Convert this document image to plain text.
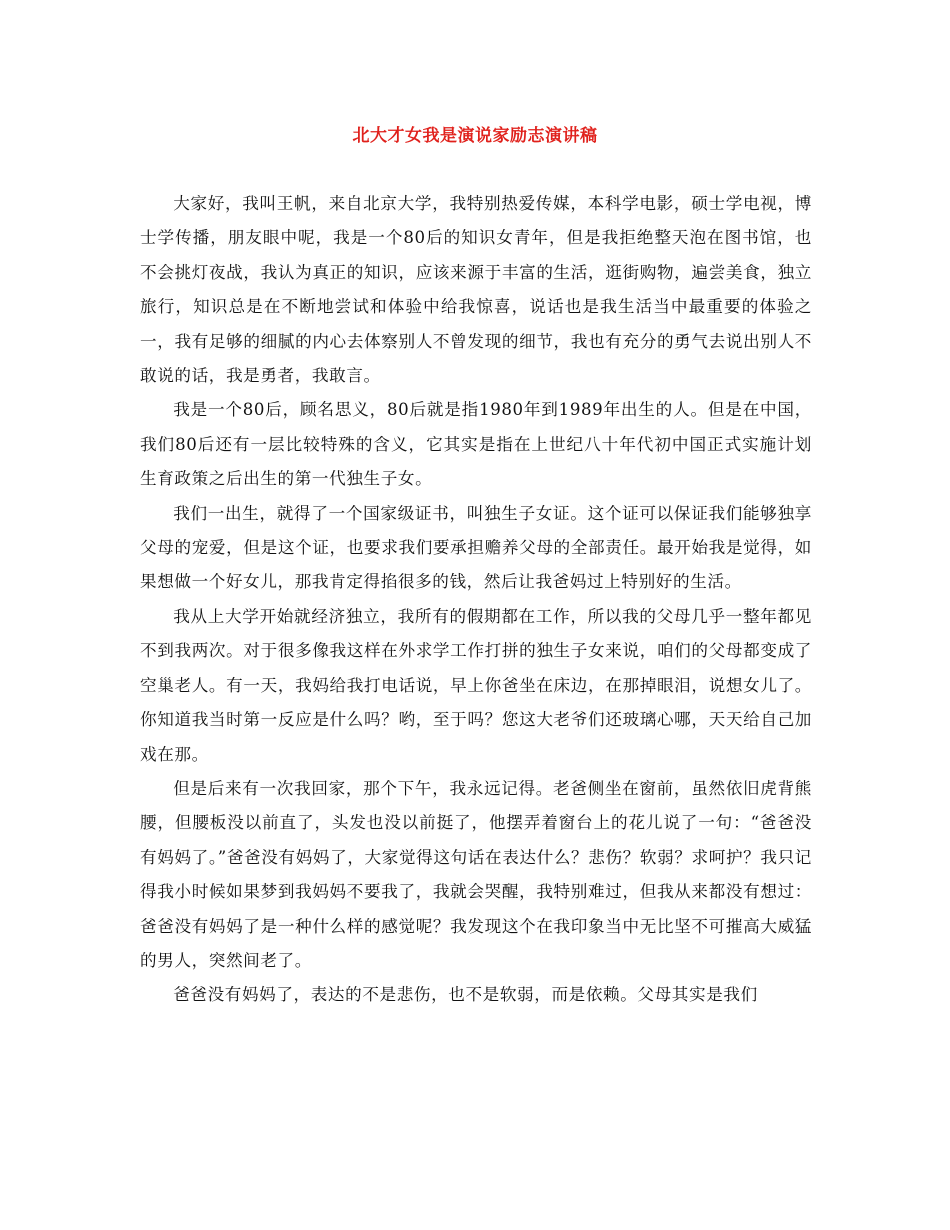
北大才女我是演说家励志演讲稿

大家好，我叫王帆，来自北京大学，我特别热爱传媒，本科学电影，硕士学电视，博士学传播，朋友眼中呢，我是一个80后的知识女青年，但是我拒绝整天泡在图书馆，也不会挑灯夜战，我认为真正的知识，应该来源于丰富的生活，逛街购物，遍尝美食，独立旅行，知识总是在不断地尝试和体验中给我惊喜，说话也是我生活当中最重要的体验之一，我有足够的细腻的内心去体察别人不曾发现的细节，我也有充分的勇气去说出别人不敢说的话，我是勇者，我敢言。

我是一个80后，顾名思义，80后就是指1980年到1989年出生的人。但是在中国，我们80后还有一层比较特殊的含义，它其实是指在上世纪八十年代初中国正式实施计划生育政策之后出生的第一代独生子女。

我们一出生，就得了一个国家级证书，叫独生子女证。这个证可以保证我们能够独享父母的宠爱，但是这个证，也要求我们要承担赡养父母的全部责任。最开始我是觉得，如果想做一个好女儿，那我肯定得掐很多的钱，然后让我爸妈过上特别好的生活。

我从上大学开始就经济独立，我所有的假期都在工作，所以我的父母几乎一整年都见不到我两次。对于很多像我这样在外求学工作打拼的独生子女来说，咱们的父母都变成了空巢老人。有一天，我妈给我打电话说，早上你爸坐在床边，在那掉眼泪，说想女儿了。你知道我当时第一反应是什么吗？哟，至于吗？您这大老爷们还玻璃心哪，天天给自己加戏在那。

但是后来有一次我回家，那个下午，我永远记得。老爸侧坐在窗前，虽然依旧虎背熊腰，但腰板没以前直了，头发也没以前挺了，他摆弄着窗台上的花儿说了一句：“爸爸没有妈妈了。”爸爸没有妈妈了，大家觉得这句话在表达什么？悲伤？软弱？求呵护？我只记得我小时候如果梦到我妈妈不要我了，我就会哭醒，我特别难过，但我从来都没有想过：爸爸没有妈妈了是一种什么样的感觉呢？我发现这个在我印象当中无比坚不可摧高大威猛的男人，突然间老了。

爸爸没有妈妈了，表达的不是悲伤，也不是软弱，而是依赖。父母其实是我们
